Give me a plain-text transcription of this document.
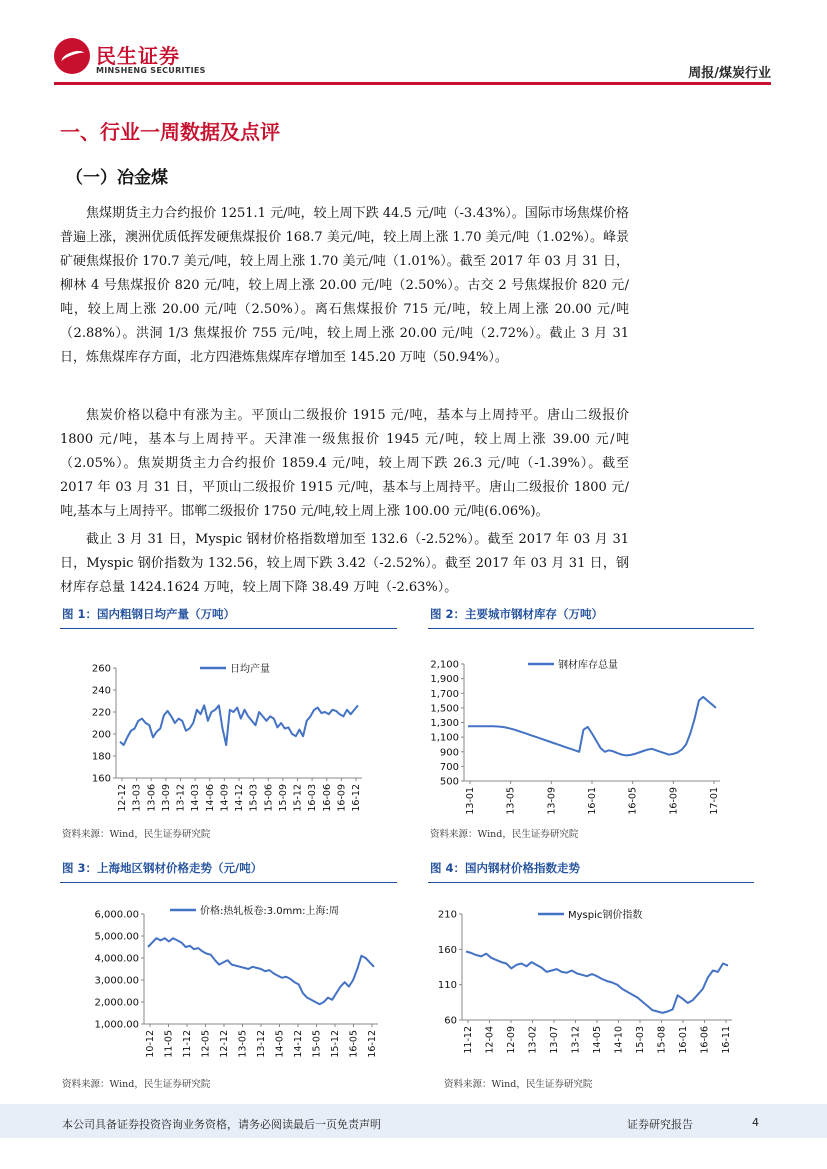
民生证券
MINSHENG SECURITIES	周报/煤炭行业
一、行业一周数据及点评
（一）冶金煤

焦煤期货主力合约报价 1251.1 元/吨，较上周下跌 44.5 元/吨（-3.43%）。国际市场焦煤价格普遍上涨，澳洲优质低挥发硬焦煤报价 168.7 美元/吨，较上周上涨 1.70 美元/吨（1.02%）。峰景矿硬焦煤报价 170.7 美元/吨，较上周上涨 1.70 美元/吨（1.01%）。截至 2017 年 03 月 31 日，柳林 4 号焦煤报价 820 元/吨，较上周上涨 20.00 元/吨（2.50%）。古交 2 号焦煤报价 820 元/吨，较上周上涨 20.00 元/吨（2.50%）。离石焦煤报价 715 元/吨，较上周上涨 20.00 元/吨（2.88%）。洪洞 1/3 焦煤报价 755 元/吨，较上周上涨 20.00 元/吨（2.72%）。截止 3 月 31 日，炼焦煤库存方面，北方四港炼焦煤库存增加至 145.20 万吨（50.94%）。

焦炭价格以稳中有涨为主。平顶山二级报价 1915 元/吨，基本与上周持平。唐山二级报价 1800 元/吨，基本与上周持平。天津准一级焦报价 1945 元/吨，较上周上涨 39.00 元/吨（2.05%）。焦炭期货主力合约报价 1859.4 元/吨，较上周下跌 26.3 元/吨（-1.39%）。截至 2017 年 03 月 31 日，平顶山二级报价 1915 元/吨，基本与上周持平。唐山二级报价 1800 元/吨,基本与上周持平。邯郸二级报价 1750 元/吨,较上周上涨 100.00 元/吨(6.06%)。

截止 3 月 31 日，Myspic 钢材价格指数增加至 132.6（-2.52%）。截至 2017 年 03 月 31 日，Myspic 钢价指数为 132.56，较上周下跌 3.42（-2.52%）。截至 2017 年 03 月 31 日，钢材库存总量 1424.1624 万吨，较上周下降 38.49 万吨（-2.63%）。

图 1：国内粗钢日均产量（万吨）
260
240
220
200
180
160
12-12 13-03 13-06 13-09 13-12 14-03 14-06 14-09 14-12 15-03 15-06 15-09 15-12 16-03 16-06 16-09 16-12
日均产量
资料来源：Wind，民生证券研究院
图 2：主要城市钢材库存（万吨）
2,100
1,900
1,700
1,500
1,300
1,100
900
700
500
13-01	13-05	13-09	16-01	16-05	16-09	17-01
钢材库存总量
资料来源：Wind，民生证券研究院
图 3：上海地区钢材价格走势（元/吨）
6,000.00
5,000.00
4,000.00
3,000.00
2,000.00
1,000.00
10-12 11-05 11-12 12-05 12-12 13-05 13-12 14-05 14-12 15-05 15-12 16-05 16-12
价格:热轧板卷:3.0mm:上海:周
资料来源：Wind，民生证券研究院
图 4：国内钢材价格指数走势
210
160
110
60
11-12 12-04 12-09 13-02 13-07 13-12 14-05 14-10 15-03 15-08 16-01 16-06 16-11
Myspic钢价指数
资料来源：Wind，民生证券研究院
本公司具备证券投资咨询业务资格，请务必阅读最后一页免责声明	证券研究报告	4
